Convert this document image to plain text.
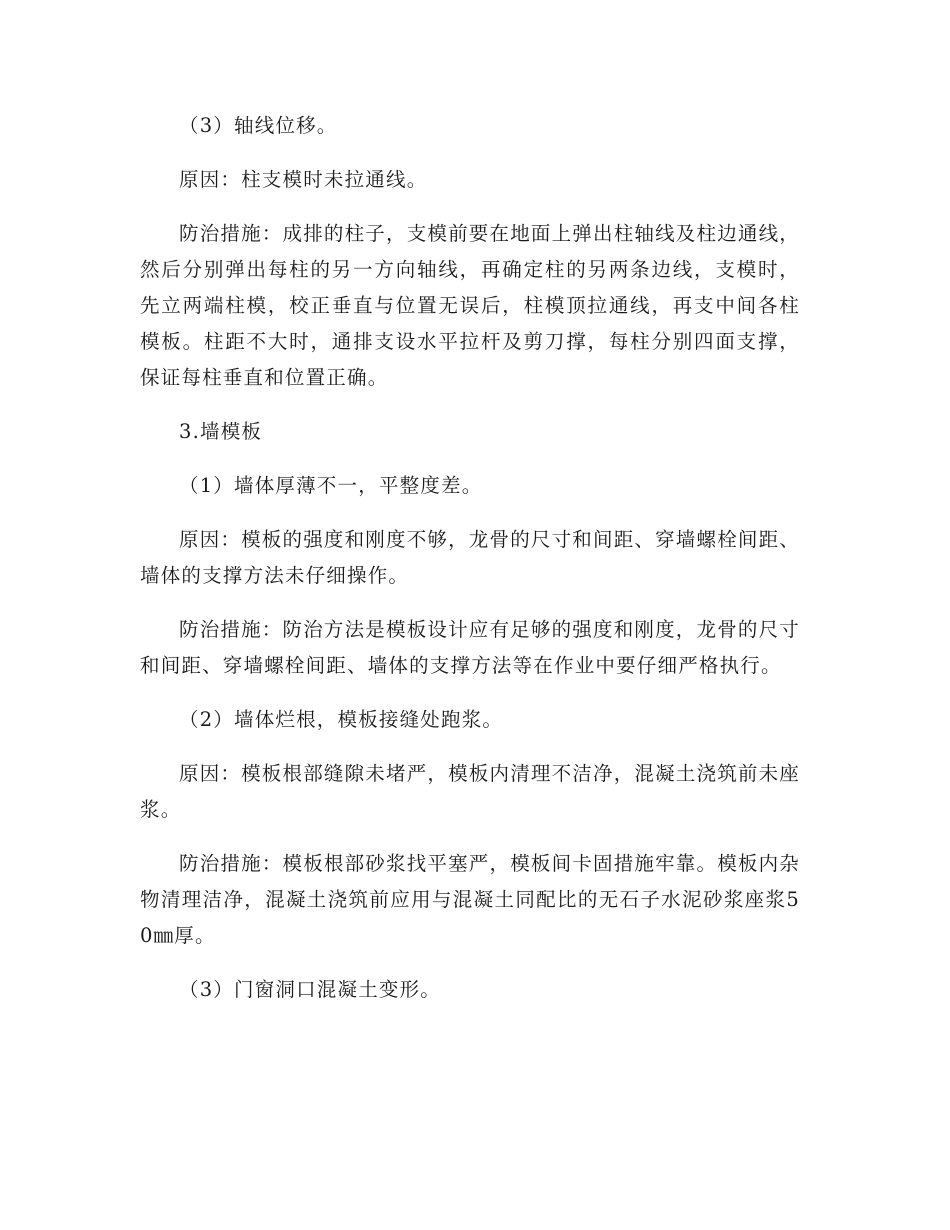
（3）轴线位移。

原因：柱支模时未拉通线。

防治措施：成排的柱子，支模前要在地面上弹出柱轴线及柱边通线，然后分别弹出每柱的另一方向轴线，再确定柱的另两条边线，支模时，先立两端柱模，校正垂直与位置无误后，柱模顶拉通线，再支中间各柱模板。柱距不大时，通排支设水平拉杆及剪刀撑，每柱分别四面支撑，保证每柱垂直和位置正确。

3.墙模板

（1）墙体厚薄不一，平整度差。

原因：模板的强度和刚度不够，龙骨的尺寸和间距、穿墙螺栓间距、墙体的支撑方法未仔细操作。

防治措施：防治方法是模板设计应有足够的强度和刚度，龙骨的尺寸和间距、穿墙螺栓间距、墙体的支撑方法等在作业中要仔细严格执行。

（2）墙体烂根，模板接缝处跑浆。

原因：模板根部缝隙未堵严，模板内清理不洁净，混凝土浇筑前未座浆。

防治措施：模板根部砂浆找平塞严，模板间卡固措施牢靠。模板内杂物清理洁净，混凝土浇筑前应用与混凝土同配比的无石子水泥砂浆座浆50㎜厚。

（3）门窗洞口混凝土变形。
